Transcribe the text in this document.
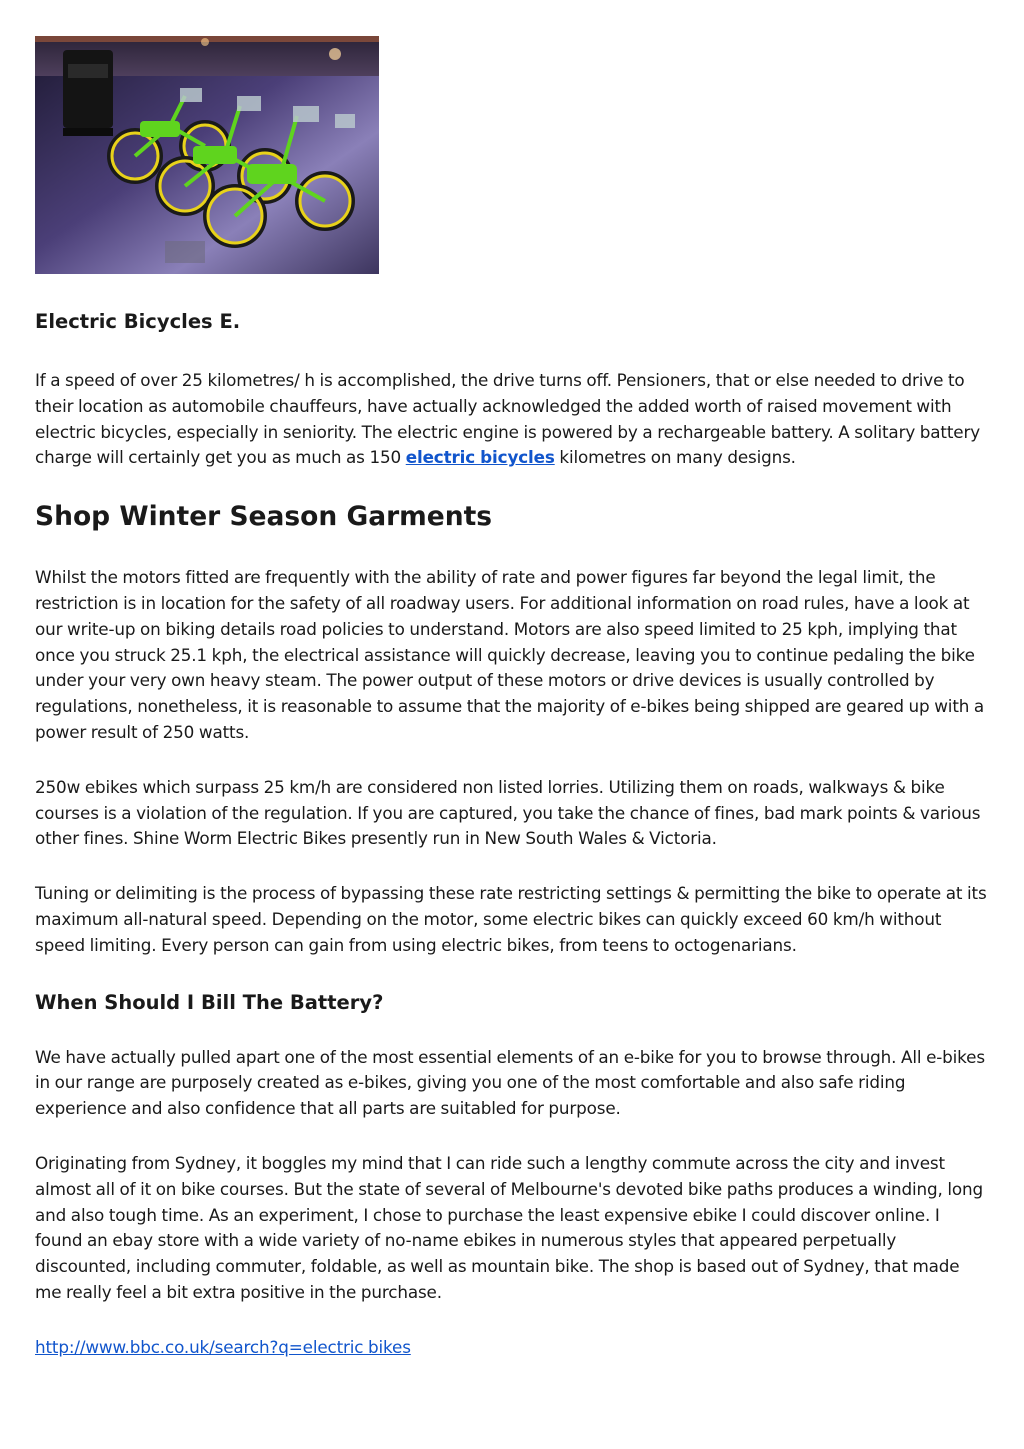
Electric Bicycles E.

If a speed of over 25 kilometres/ h is accomplished, the drive turns off. Pensioners, that or else needed to drive to their location as automobile chauffeurs, have actually acknowledged the added worth of raised movement with electric bicycles, especially in seniority. The electric engine is powered by a rechargeable battery. A solitary battery charge will certainly get you as much as 150 electric bicycles kilometres on many designs.

Shop Winter Season Garments

Whilst the motors fitted are frequently with the ability of rate and power figures far beyond the legal limit, the restriction is in location for the safety of all roadway users. For additional information on road rules, have a look at our write-up on biking details road policies to understand. Motors are also speed limited to 25 kph, implying that once you struck 25.1 kph, the electrical assistance will quickly decrease, leaving you to continue pedaling the bike under your very own heavy steam. The power output of these motors or drive devices is usually controlled by regulations, nonetheless, it is reasonable to assume that the majority of e-bikes being shipped are geared up with a power result of 250 watts.

250w ebikes which surpass 25 km/h are considered non listed lorries. Utilizing them on roads, walkways & bike courses is a violation of the regulation. If you are captured, you take the chance of fines, bad mark points & various other fines. Shine Worm Electric Bikes presently run in New South Wales & Victoria.

Tuning or delimiting is the process of bypassing these rate restricting settings & permitting the bike to operate at its maximum all-natural speed. Depending on the motor, some electric bikes can quickly exceed 60 km/h without speed limiting. Every person can gain from using electric bikes, from teens to octogenarians.

When Should I Bill The Battery?

We have actually pulled apart one of the most essential elements of an e-bike for you to browse through. All e-bikes in our range are purposely created as e-bikes, giving you one of the most comfortable and also safe riding experience and also confidence that all parts are suitabled for purpose.

Originating from Sydney, it boggles my mind that I can ride such a lengthy commute across the city and invest almost all of it on bike courses. But the state of several of Melbourne's devoted bike paths produces a winding, long and also tough time. As an experiment, I chose to purchase the least expensive ebike I could discover online. I found an ebay store with a wide variety of no-name ebikes in numerous styles that appeared perpetually discounted, including commuter, foldable, as well as mountain bike. The shop is based out of Sydney, that made me really feel a bit extra positive in the purchase.

http://www.bbc.co.uk/search?q=electric bikes
